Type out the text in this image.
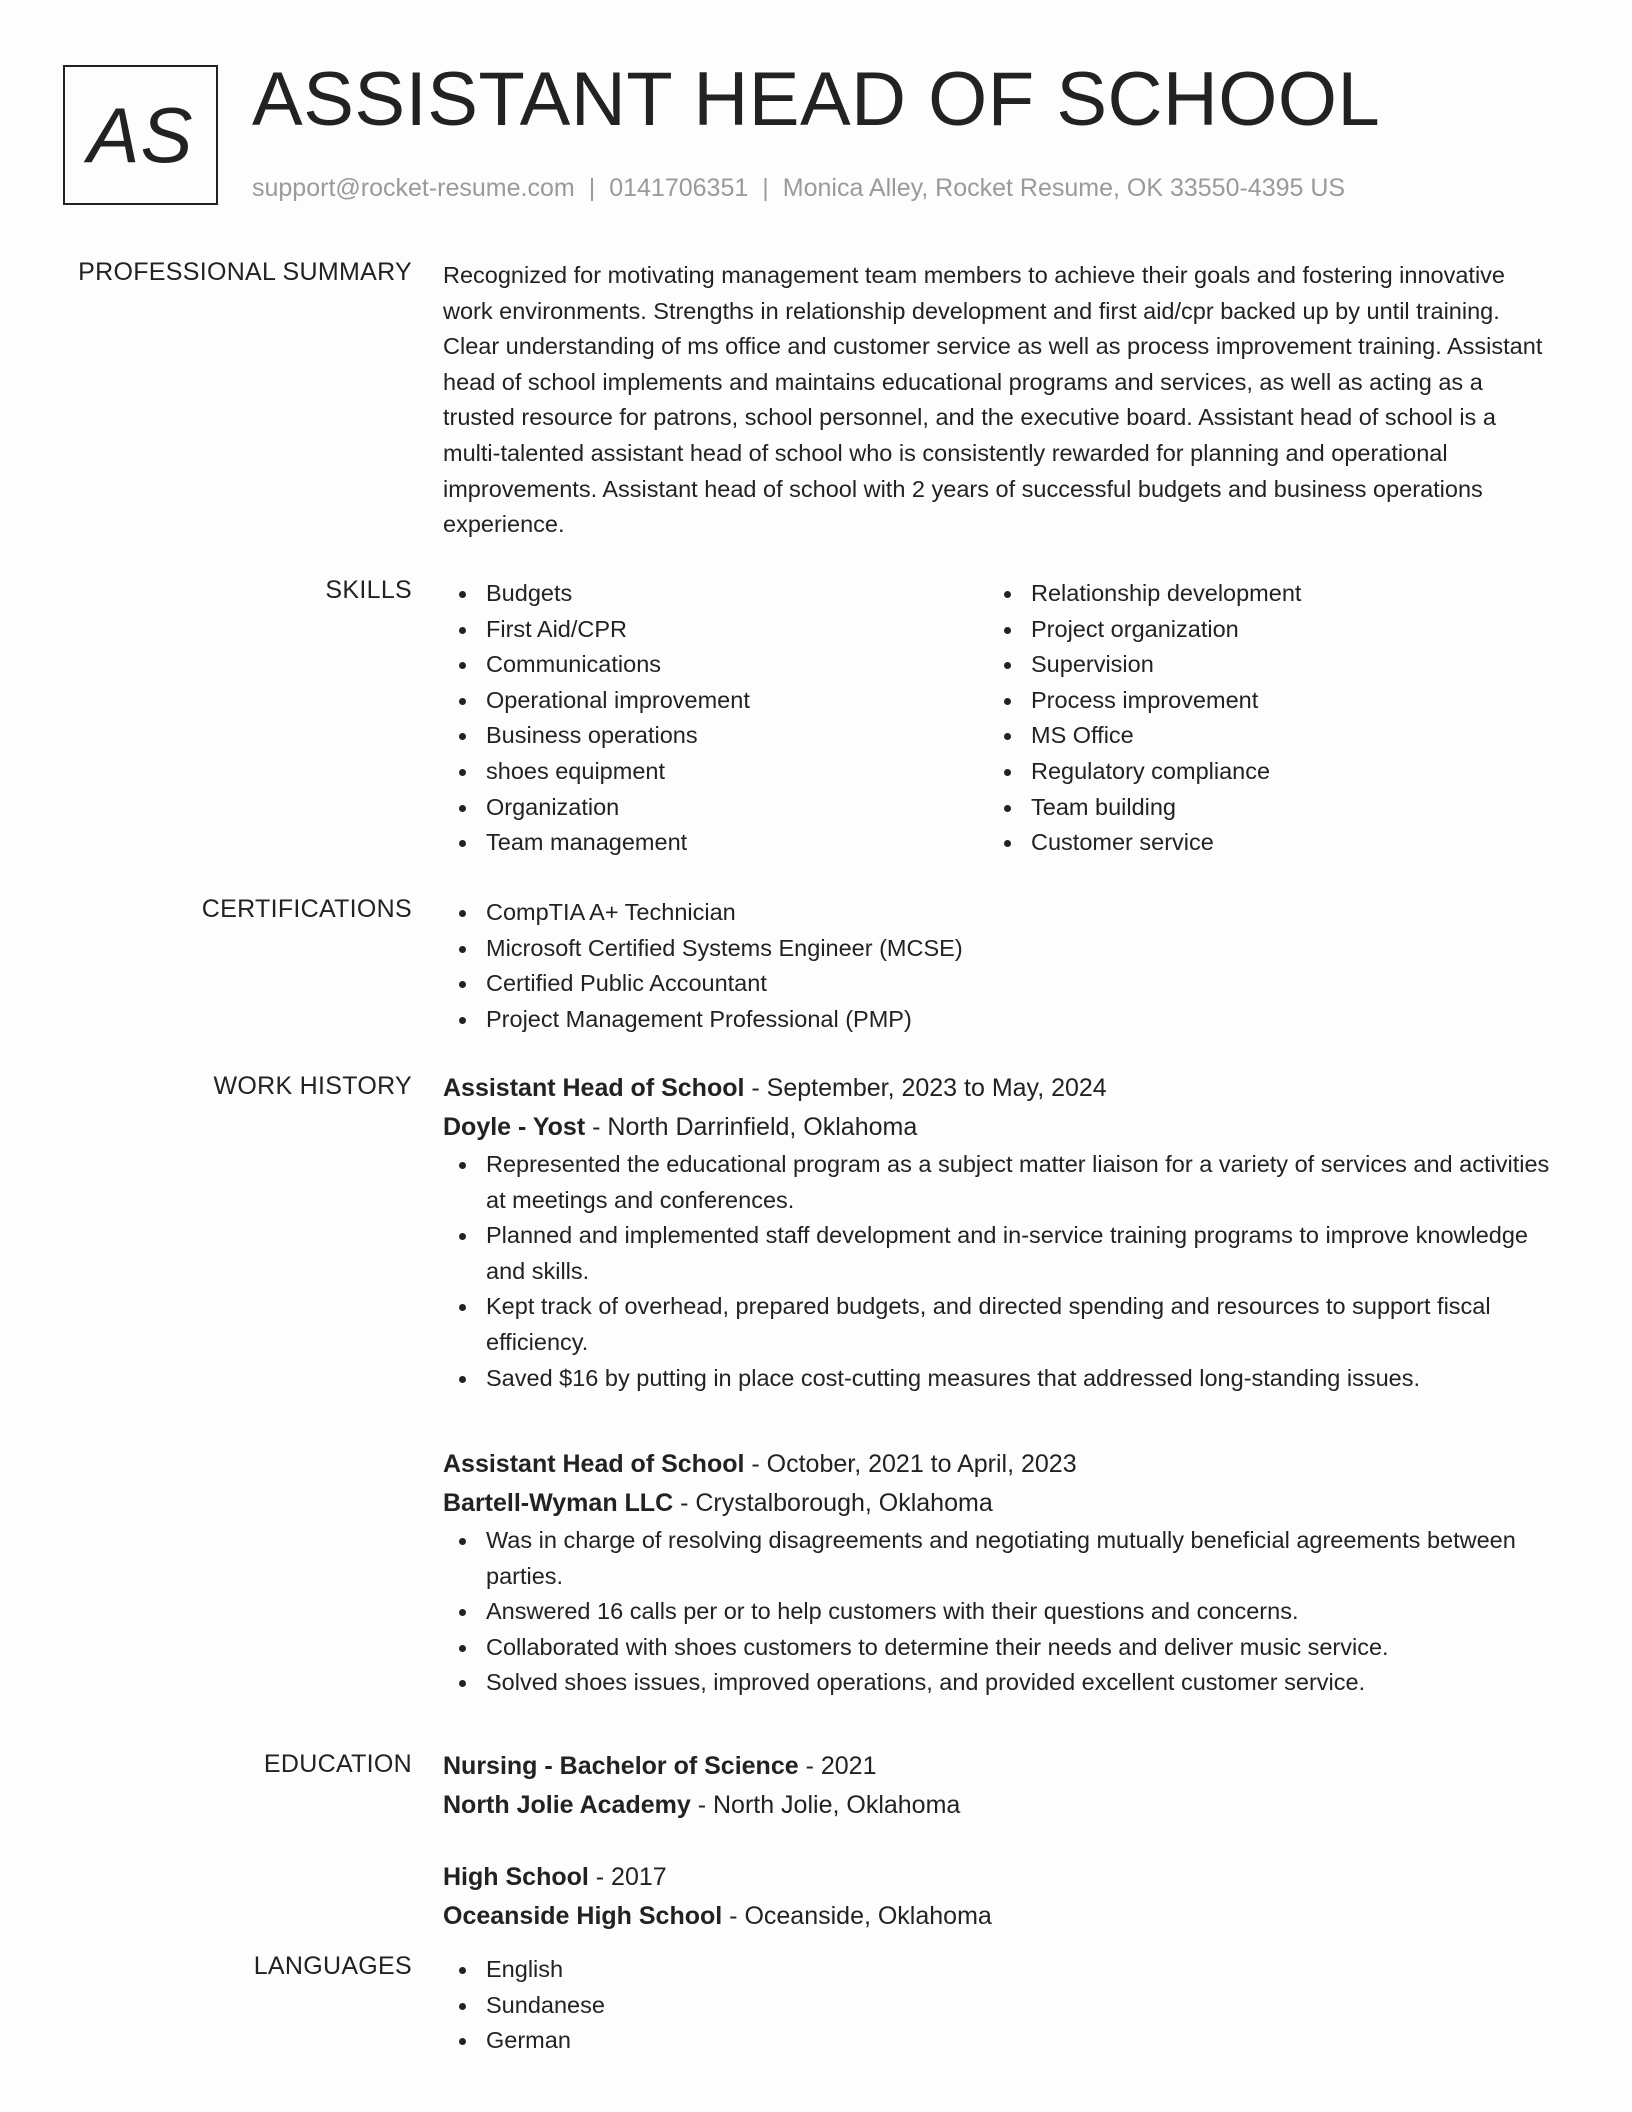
AS ASSISTANT HEAD OF SCHOOL
support@rocket-resume.com | 0141706351 | Monica Alley, Rocket Resume, OK 33550-4395 US
PROFESSIONAL SUMMARY Recognized for motivating management team members to achieve their goals and fostering innovative work environments. Strengths in relationship development and first aid/cpr backed up by until training. Clear understanding of ms office and customer service as well as process improvement training. Assistant head of school implements and maintains educational programs and services, as well as acting as a trusted resource for patrons, school personnel, and the executive board. Assistant head of school is a multi-talented assistant head of school who is consistently rewarded for planning and operational improvements. Assistant head of school with 2 years of successful budgets and business operations experience.
SKILLS	Budgets
First Aid/CPR
Communications
Operational improvement
Business operations
shoes equipment
Organization
Team management
Relationship development
Project organization
Supervision
Process improvement
MS Office
Regulatory compliance
Team building
Customer service
CERTIFICATIONS	CompTIA A+ Technician
Microsoft Certified Systems Engineer (MCSE)
Certified Public Accountant
Project Management Professional (PMP)
WORK HISTORY Assistant Head of School - September, 2023 to May, 2024
Doyle - Yost - North Darrinfield, Oklahoma
Represented the educational program as a subject matter liaison for a variety of services and activities at meetings and conferences.
Planned and implemented staff development and in-service training programs to improve knowledge and skills.
Kept track of overhead, prepared budgets, and directed spending and resources to support fiscal efficiency.
Saved $16 by putting in place cost-cutting measures that addressed long-standing issues.
Assistant Head of School - October, 2021 to April, 2023
Bartell-Wyman LLC - Crystalborough, Oklahoma
Was in charge of resolving disagreements and negotiating mutually beneficial agreements between parties.
Answered 16 calls per or to help customers with their questions and concerns.
Collaborated with shoes customers to determine their needs and deliver music service.
Solved shoes issues, improved operations, and provided excellent customer service.
EDUCATION Nursing - Bachelor of Science - 2021
North Jolie Academy - North Jolie, Oklahoma
High School - 2017
Oceanside High School - Oceanside, Oklahoma
LANGUAGES	English
Sundanese
German
